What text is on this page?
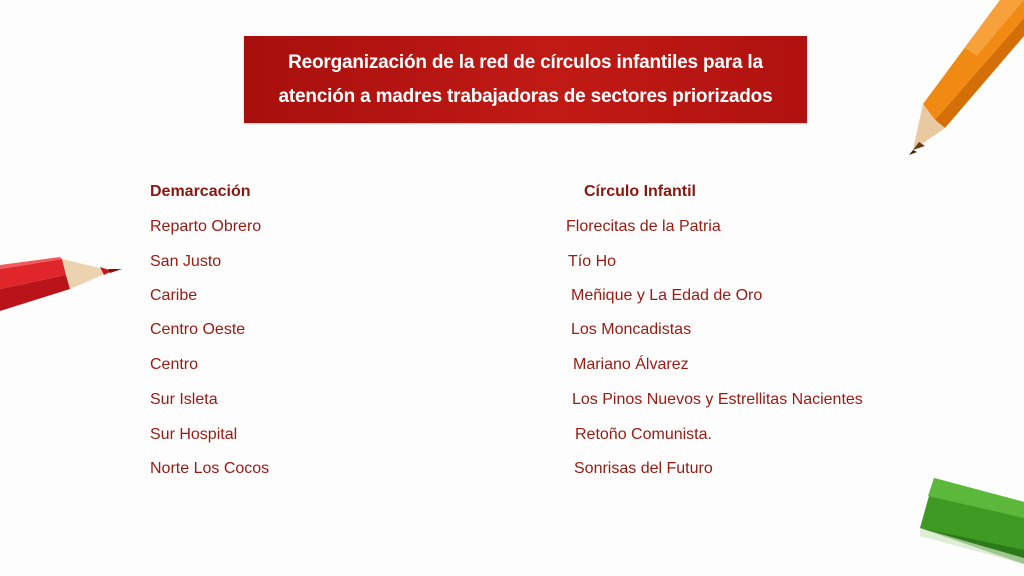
Reorganización de la red de círculos infantiles para la
atención a madres trabajadoras de sectores priorizados
Demarcación	Círculo Infantil
Reparto Obrero	Florecitas de la Patria
San Justo	Tío Ho
Caribe	Meñique y La Edad de Oro
Centro Oeste	Los Moncadistas
Centro	Mariano Álvarez
Sur Isleta	Los Pinos Nuevos y Estrellitas Nacientes
Sur Hospital	Retoño Comunista.
Norte Los Cocos	Sonrisas del Futuro
